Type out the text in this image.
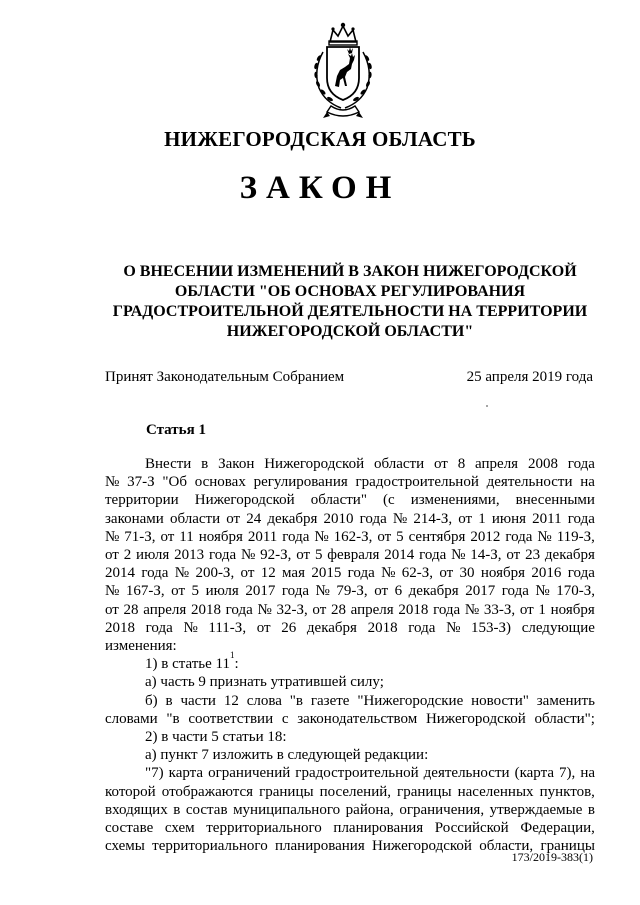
НИЖЕГОРОДСКАЯ ОБЛАСТЬ
ЗАКОН
О ВНЕСЕНИИ ИЗМЕНЕНИЙ В ЗАКОН НИЖЕГОРОДСКОЙ
ОБЛАСТИ "ОБ ОСНОВАХ РЕГУЛИРОВАНИЯ
ГРАДОСТРОИТЕЛЬНОЙ ДЕЯТЕЛЬНОСТИ НА ТЕРРИТОРИИ
НИЖЕГОРОДСКОЙ ОБЛАСТИ"
Принят Законодательным Собранием	25 апреля 2019 года
Статья 1
Внести в Закон Нижегородской области от 8 апреля 2008 года
№ 37-З "Об основах регулирования градостроительной деятельности на
территории Нижегородской области" (с изменениями, внесенными
законами области от 24 декабря 2010 года № 214-З, от 1 июня 2011 года
№ 71-З, от 11 ноября 2011 года № 162-З, от 5 сентября 2012 года № 119-З,
от 2 июля 2013 года № 92-З, от 5 февраля 2014 года № 14-З, от 23 декабря
2014 года № 200-З, от 12 мая 2015 года № 62-З, от 30 ноября 2016 года
№ 167-З, от 5 июля 2017 года № 79-З, от 6 декабря 2017 года № 170-З,
от 28 апреля 2018 года № 32-З, от 28 апреля 2018 года № 33-З, от 1 ноября
2018 года № 111-З, от 26 декабря 2018 года № 153-З) следующие
изменения:
1) в статье 11
1
:
а) часть 9 признать утратившей силу;
б) в части 12 слова "в газете "Нижегородские новости" заменить
словами "в соответствии с законодательством Нижегородской области";
2) в части 5 статьи 18:
а) пункт 7 изложить в следующей редакции:
"7) карта ограничений градостроительной деятельности (карта 7), на
которой отображаются границы поселений, границы населенных пунктов,
входящих в состав муниципального района, ограничения, утверждаемые в
составе схем территориального планирования Российской Федерации,
схемы территориального планирования Нижегородской области, границы
173/2019-383(1)
